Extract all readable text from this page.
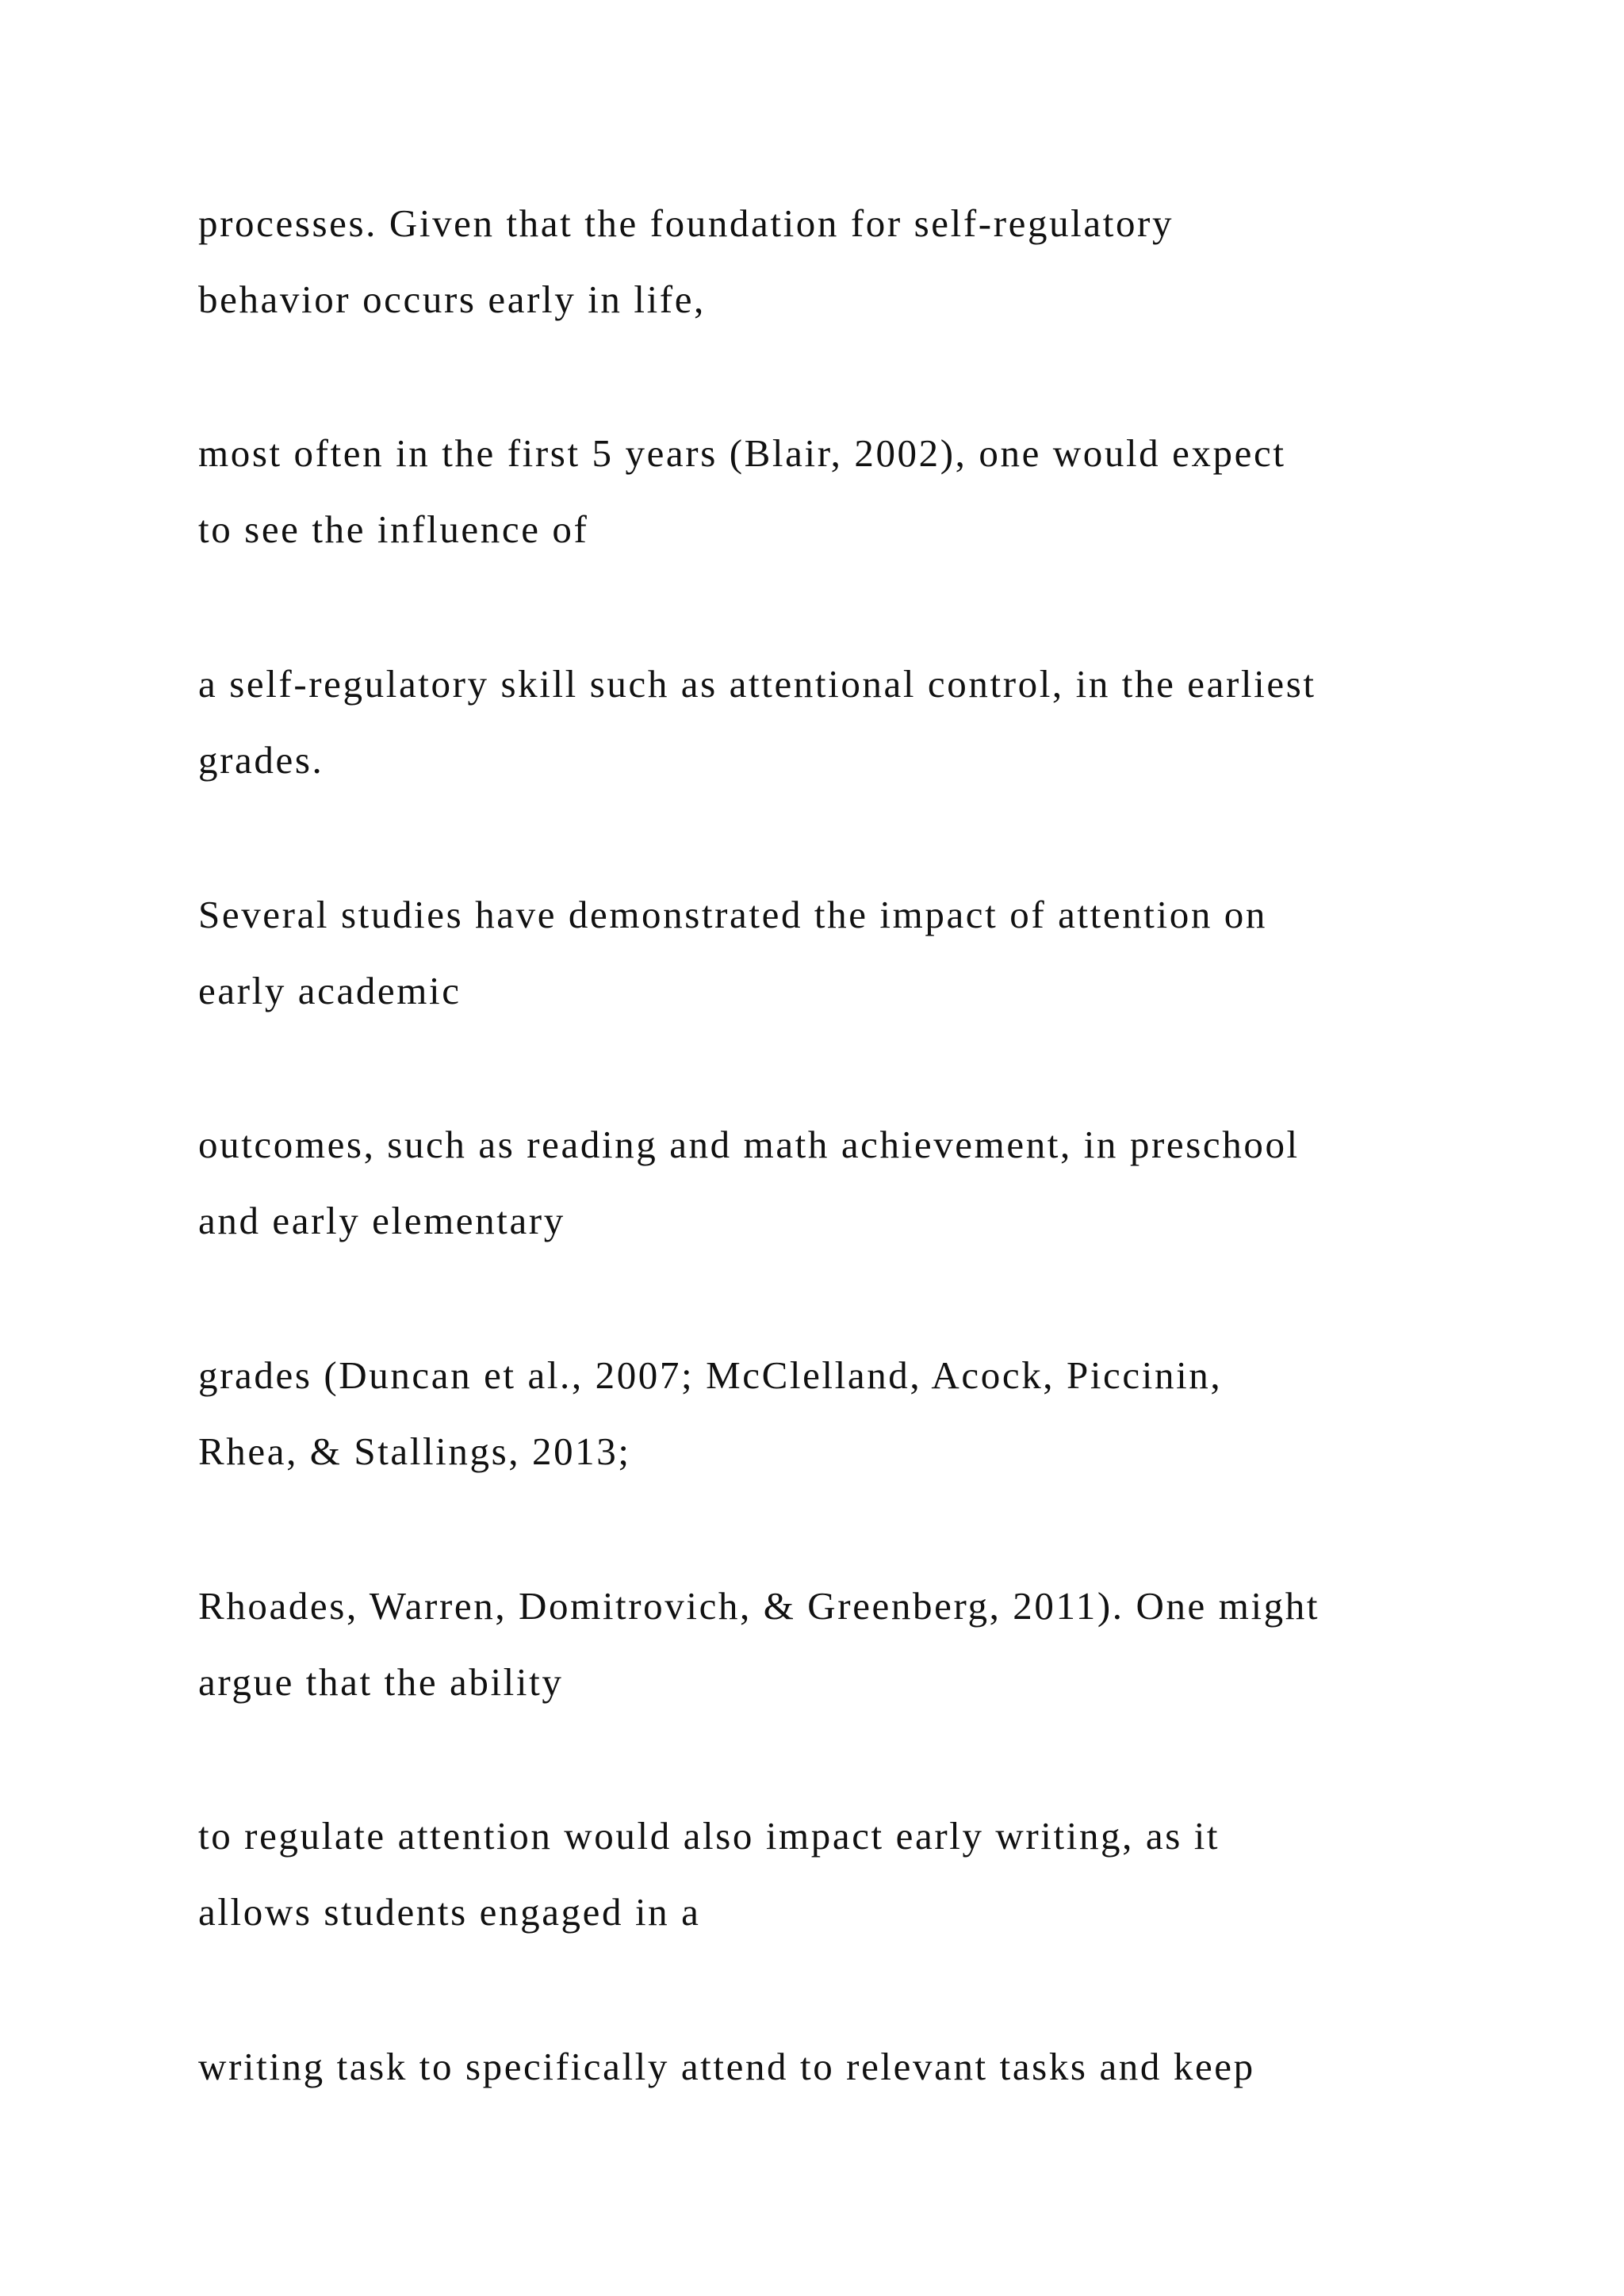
processes. Given that the foundation for self-regulatory
behavior occurs early in life,
most often in the first 5 years (Blair, 2002), one would expect
to see the influence of
a self-regulatory skill such as attentional control, in the earliest
grades.
Several studies have demonstrated the impact of attention on
early academic
outcomes, such as reading and math achievement, in preschool
and early elementary
grades (Duncan et al., 2007; McClelland, Acock, Piccinin,
Rhea, & Stallings, 2013;
Rhoades, Warren, Domitrovich, & Greenberg, 2011). One might
argue that the ability
to regulate attention would also impact early writing, as it
allows students engaged in a
writing task to specifically attend to relevant tasks and keep
